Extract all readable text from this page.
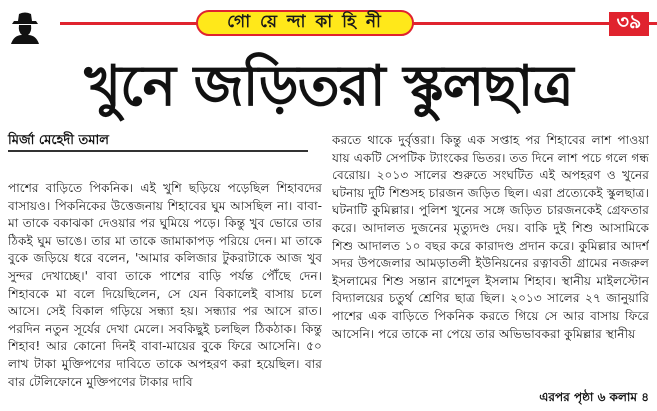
গো য়ে ন্দা কা হি নী	৩৯
খুনে জড়িতরা স্কুলছাত্র
মির্জা মেহেদী তমাল

পাশের বাড়িতে পিকনিক। এই খুশি ছড়িয়ে পড়েছিল শিহাবদের বাসায়ও। পিকনিকের উত্তেজনায় শিহাবের ঘুম আসছিল না। বাবা-মা তাকে বকাঝকা দেওয়ার পর ঘুমিয়ে পড়ে। কিন্তু খুব ভোরে তার ঠিকই ঘুম ভাঙে। তার মা তাকে জামাকাপড় পরিয়ে দেন। মা তাকে বুকে জড়িয়ে ধরে বলেন, 'আমার কলিজার টুকরাটাকে আজ খুব সুন্দর দেখাচ্ছে।' বাবা তাকে পাশের বাড়ি পর্যন্ত পৌঁছে দেন। শিহাবকে মা বলে দিয়েছিলেন, সে যেন বিকালেই বাসায় চলে আসে। সেই বিকাল গড়িয়ে সন্ধ্যা হয়। সন্ধ্যার পর আসে রাত। পরদিন নতুন সূর্যের দেখা মেলে। সবকিছুই চলছিল ঠিকঠাক। কিন্তু শিহাব! আর কোনো দিনই বাবা-মায়ের বুকে ফিরে আসেনি। ৫০ লাখ টাকা মুক্তিপণের দাবিতে তাকে অপহরণ করা হয়েছিল। বার বার টেলিফোনে মুক্তিপণের টাকার দাবি

করতে থাকে দুর্বৃত্তরা। কিন্তু এক সপ্তাহ পর শিহাবের লাশ পাওয়া যায় একটি সেপটিক ট্যাংকের ভিতর। তত দিনে লাশ পচে গলে গন্ধ বেরোয়। ২০১৩ সালের শুরুতে সংঘটিত এই অপহরণ ও খুনের ঘটনায় দুটি শিশুসহ চারজন জড়িত ছিল। এরা প্রত্যেকেই স্কুলছাত্র। ঘটনাটি কুমিল্লার। পুলিশ খুনের সঙ্গে জড়িত চারজনকেই গ্রেফতার করে। আদালত দুজনের মৃত্যুদণ্ড দেয়। বাকি দুই শিশু আসামিকে শিশু আদালত ১০ বছর করে কারাদণ্ড প্রদান করে। কুমিল্লার আদর্শ সদর উপজেলার আমড়াতলী ইউনিয়নের রত্নাবতী গ্রামের নজরুল ইসলামের শিশু সন্তান রাশেদুল ইসলাম শিহাব। স্থানীয় মাইলস্টোন বিদ্যালয়ের চতুর্থ শ্রেণির ছাত্র ছিল। ২০১৩ সালের ২৭ জানুয়ারি পাশের এক বাড়িতে পিকনিক করতে গিয়ে সে আর বাসায় ফিরে আসেনি। পরে তাকে না পেয়ে তার অভিভাবকরা কুমিল্লার স্থানীয়

এরপর পৃষ্ঠা ৬ কলাম ৪
